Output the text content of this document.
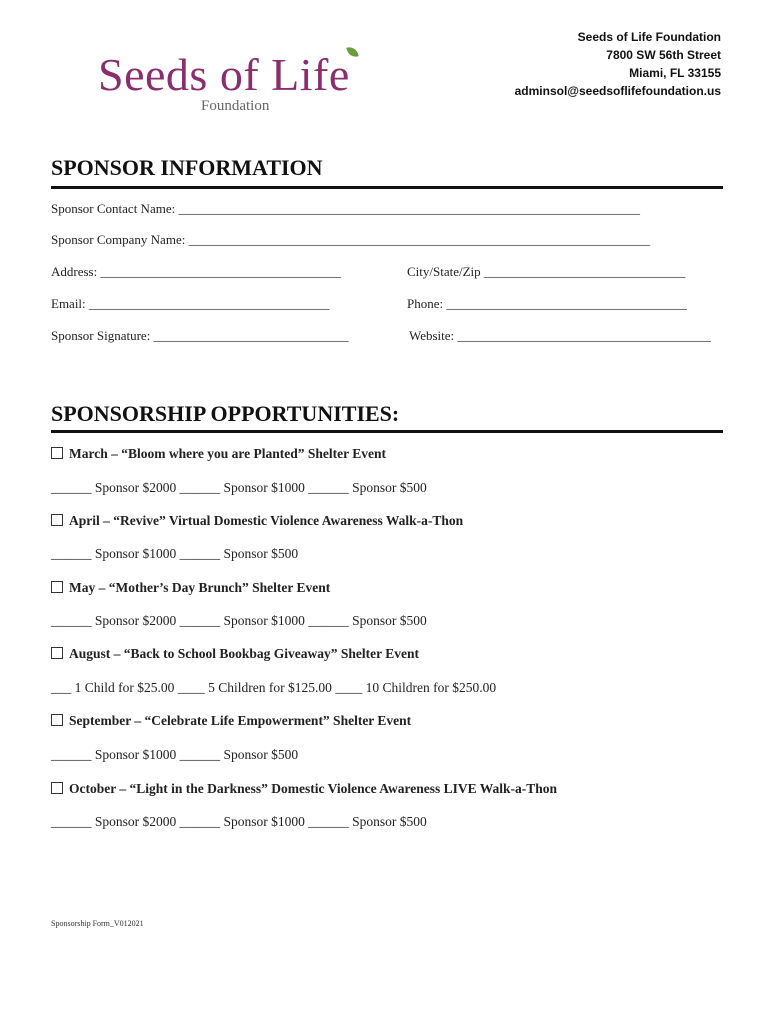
Seeds of Life
Foundation
Seeds of Life Foundation
7800 SW 56th Street
Miami, FL 33155
adminsol@seedsoflifefoundation.us
SPONSOR INFORMATION
Sponsor Contact Name: _______________________________________________________________________
Sponsor Company Name: _______________________________________________________________________
Address: _____________________________________	City/State/Zip _______________________________
Email: _____________________________________	Phone: _____________________________________
Sponsor Signature: ______________________________	Website: _______________________________________
SPONSORSHIP OPPORTUNITIES:
March – “Bloom where you are Planted” Shelter Event
______ Sponsor $2000 ______ Sponsor $1000 ______ Sponsor $500
April – “Revive” Virtual Domestic Violence Awareness Walk-a-Thon
______ Sponsor $1000 ______ Sponsor $500
May – “Mother’s Day Brunch” Shelter Event
______ Sponsor $2000 ______ Sponsor $1000 ______ Sponsor $500
August – “Back to School Bookbag Giveaway” Shelter Event
___ 1 Child for $25.00 ____ 5 Children for $125.00 ____ 10 Children for $250.00
September – “Celebrate Life Empowerment” Shelter Event
______ Sponsor $1000 ______ Sponsor $500
October – “Light in the Darkness” Domestic Violence Awareness LIVE Walk-a-Thon
______ Sponsor $2000 ______ Sponsor $1000 ______ Sponsor $500
Sponsorship Form_V012021
